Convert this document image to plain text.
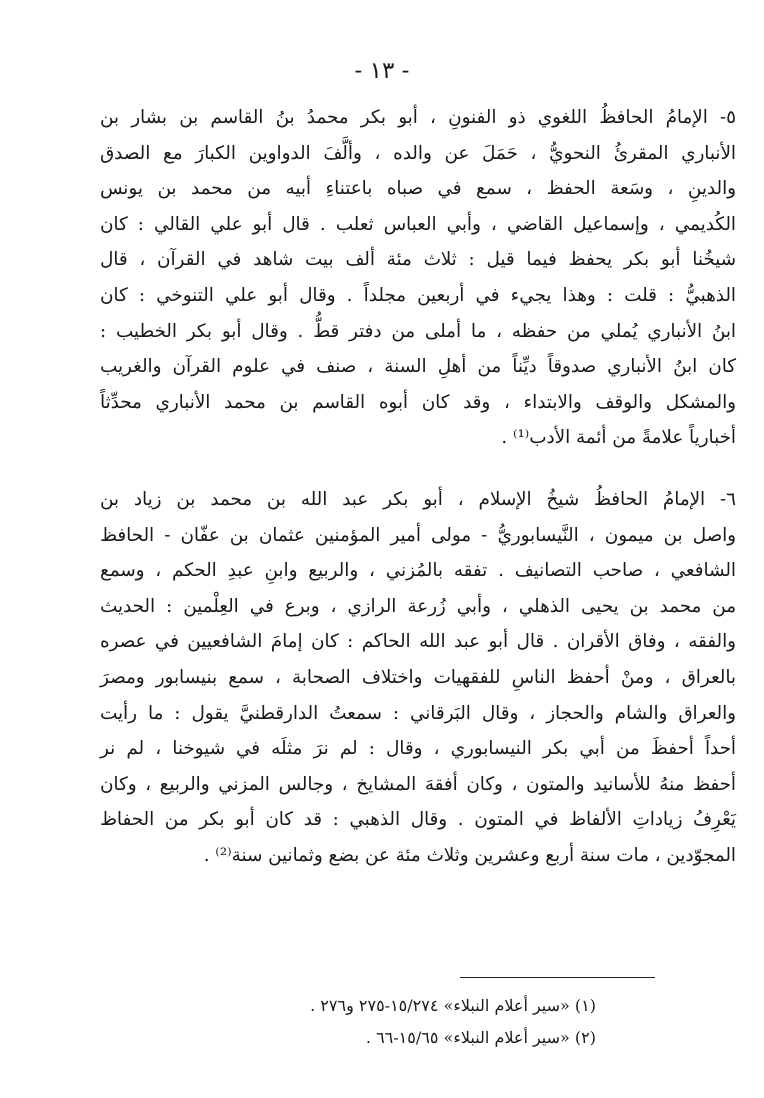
- ١٣ -
٥- الإمامُ الحافظُ اللغوي ذو الفنونِ ، أبو بكر محمدُ بنُ القاسم بن بشار بن
الأنباري المقرئُ النحويُّ ، حَمَلَ عن والده ، وألَّفَ الدواوين الكبارَ مع الصدق
والدينِ ، وسَعة الحفظ ، سمع في صباه باعتناءِ أبيه من محمد بن يونس
الكُديمي ، وإسماعيل القاضي ، وأبي العباس ثعلب . قال أبو علي القالي : كان
شيخُنا أبو بكر يحفظ فيما قيل : ثلاث مئة ألف بيت شاهد في القرآن ، قال
الذهبيُّ : قلت : وهذا يجيء في أربعين مجلداً . وقال أبو علي التنوخي : كان
ابنُ الأنباري يُملي من حفظه ، ما أملى من دفتر قطُّ . وقال أبو بكر الخطيب :
كان ابنُ الأنباري صدوقاً ديِّناً من أهلِ السنة ، صنف في علوم القرآن والغريب
والمشكل والوقف والابتداء ، وقد كان أبوه القاسم بن محمد الأنباري محدِّثاً
أخبارياً علامةً من أئمة الأدب⁽¹⁾ .
٦- الإمامُ الحافظُ شيخُ الإسلام ، أبو بكر عبد الله بن محمد بن زياد بن
واصل بن ميمون ، النَّيسابوريُّ - مولى أمير المؤمنين عثمان بن عفّان - الحافظ
الشافعي ، صاحب التصانيف . تفقه بالمُزني ، والربيع وابنِ عبدِ الحكم ، وسمع
من محمد بن يحيى الذهلي ، وأبي زُرعة الرازي ، وبرع في العِلْمين : الحديث
والفقه ، وفاق الأقران . قال أبو عبد الله الحاكم : كان إمامَ الشافعيين في عصره
بالعراق ، ومنْ أحفظ الناسِ للفقهيات واختلاف الصحابة ، سمع بنيسابور ومصرَ
والعراق والشام والحجاز ، وقال البَرقاني : سمعتُ الدارقطنيَّ يقول : ما رأيت
أحداً أحفظَ من أبي بكر النيسابوري ، وقال : لم نرَ مثلَه في شيوخنا ، لم نر
أحفظ منهُ للأسانيد والمتون ، وكان أفقهَ المشايخ ، وجالس المزني والربيع ، وكان
يَعْرِفُ زياداتِ الألفاظ في المتون . وقال الذهبي : قد كان أبو بكر من الحفاظ
المجوّدين ، مات سنة أربع وعشرين وثلاث مئة عن بضع وثمانين سنة⁽²⁾ .
(١) «سير أعلام النبلاء» ١٥/٢٧٤-٢٧٥ و٢٧٦ .
(٢) «سير أعلام النبلاء» ١٥/٦٥-٦٦ .
